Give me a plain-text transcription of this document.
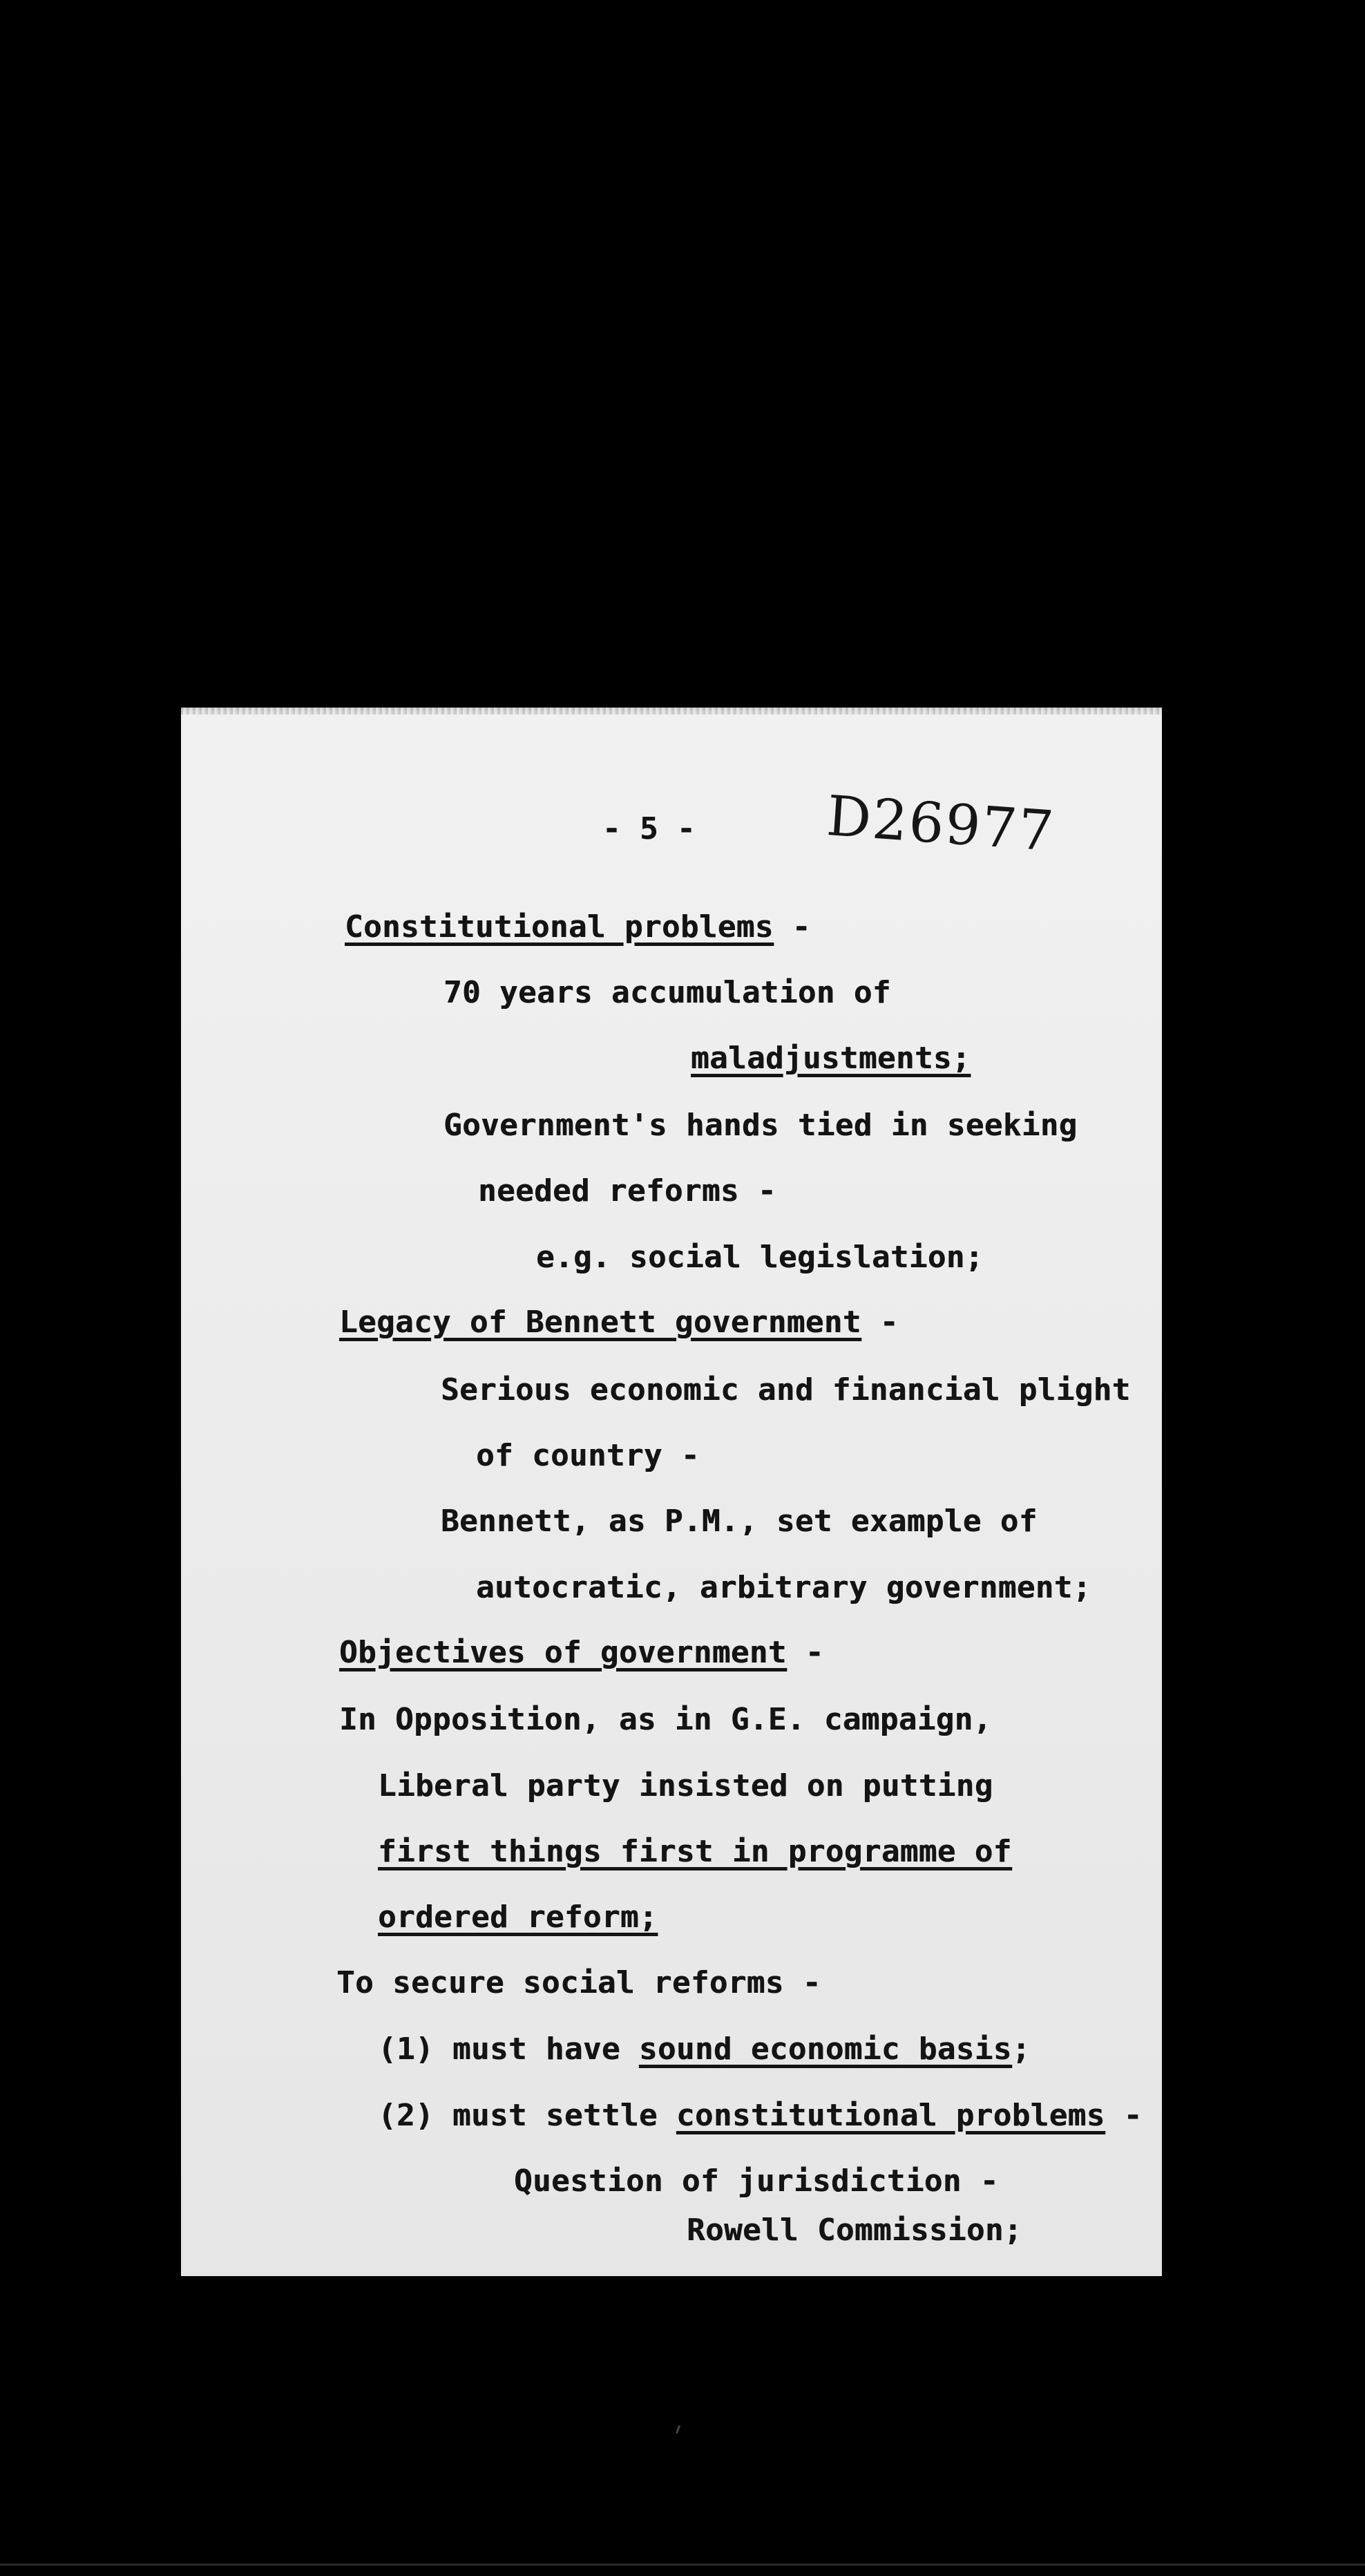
- 5 - D26977
Constitutional problems -
70 years accumulation of
maladjustments;
Government's hands tied in seeking
needed reforms -
e.g. social legislation;
Legacy of Bennett government -
Serious economic and financial plight
of country -
Bennett, as P.M., set example of
autocratic, arbitrary government;
Objectives of government -
In Opposition, as in G.E. campaign,
Liberal party insisted on putting
first things first in programme of
ordered reform;
To secure social reforms -
(1) must have sound economic basis;
(2) must settle constitutional problems -
Question of jurisdiction -
Rowell Commission;
